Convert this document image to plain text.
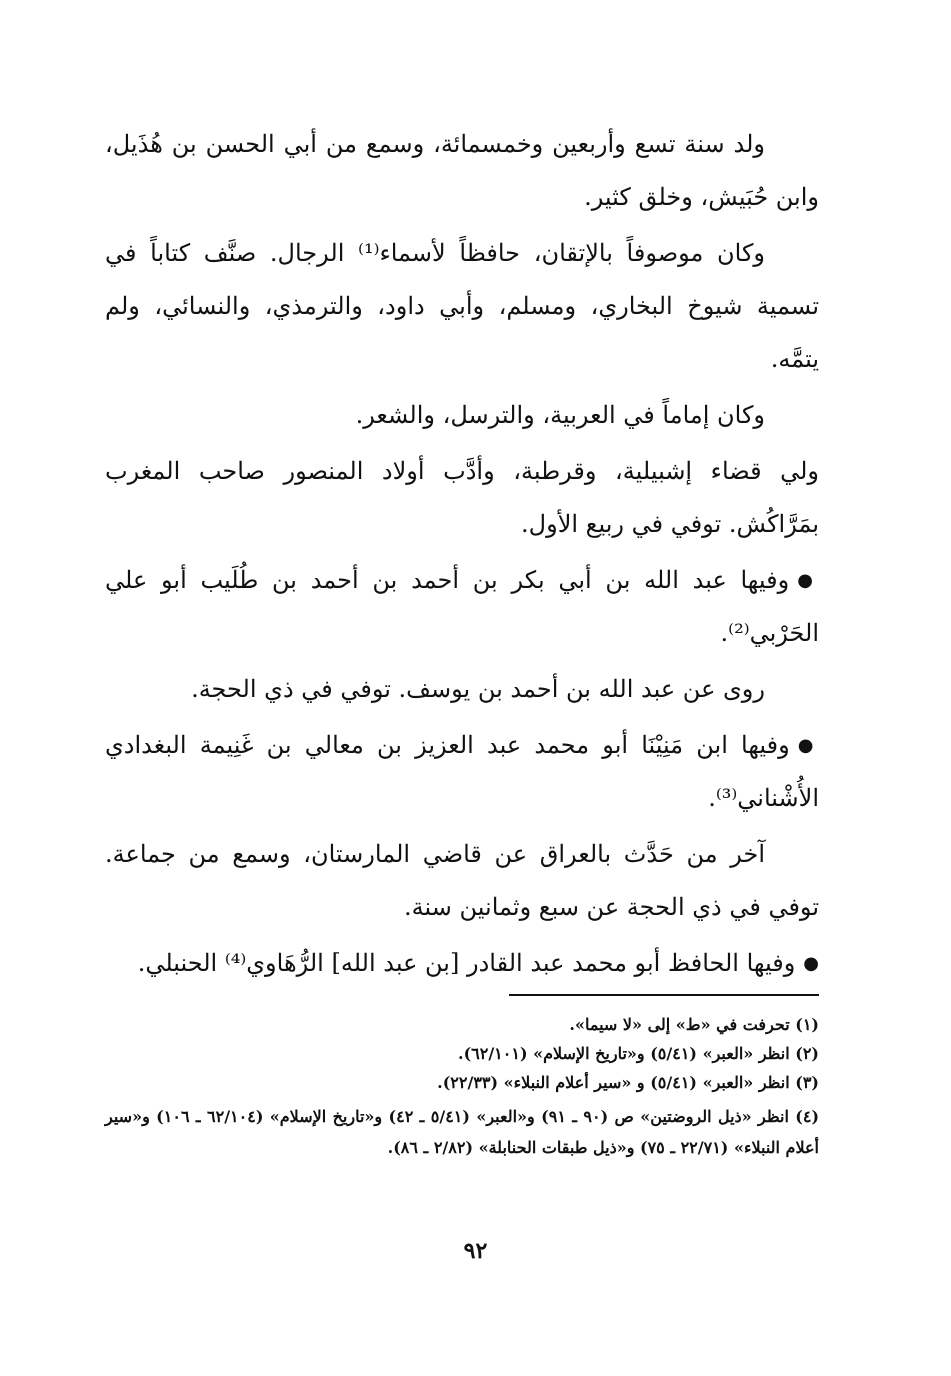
ولد سنة تسع وأربعين وخمسمائة، وسمع من أبي الحسن بن هُذَيل، وابن حُبَيش، وخلق كثير.

وكان موصوفاً بالإتقان، حافظاً لأسماء⁽¹⁾ الرجال. صنَّف كتاباً في تسمية شيوخ البخاري، ومسلم، وأبي داود، والترمذي، والنسائي، ولم يتمَّه.

وكان إماماً في العربية، والترسل، والشعر.

ولي قضاء إشبيلية، وقرطبة، وأدَّب أولاد المنصور صاحب المغرب بمَرَّاكُش. توفي في ربيع الأول.

●وفيها عبد الله بن أبي بكر بن أحمد بن أحمد بن طُلَيب أبو علي الحَرْبي⁽²⁾.

روى عن عبد الله بن أحمد بن يوسف. توفي في ذي الحجة.

●وفيها ابن مَنِيْنَا أبو محمد عبد العزيز بن معالي بن غَنِيمة البغدادي الأُشْناني⁽³⁾.

آخر من حَدَّث بالعراق عن قاضي المارستان، وسمع من جماعة. توفي في ذي الحجة عن سبع وثمانين سنة.

●وفيها الحافظ أبو محمد عبد القادر [بن عبد الله] الرُّهَاوي⁽⁴⁾ الحنبلي.

(١) تحرفت في «ط» إلى «لا سيما».

(٢) انظر «العبر» (٥/٤١) و«تاريخ الإسلام» (٦٢/١٠١).

(٣) انظر «العبر» (٥/٤١) و «سير أعلام النبلاء» (٢٢/٣٣).

(٤) انظر «ذيل الروضتين» ص (٩٠ ـ ٩١) و«العبر» (٥/٤١ ـ ٤٢) و«تاريخ الإسلام» (٦٢/١٠٤ ـ ١٠٦) و«سير أعلام النبلاء» (٢٢/٧١ ـ ٧٥) و«ذيل طبقات الحنابلة» (٢/٨٢ ـ ٨٦).

٩٢
